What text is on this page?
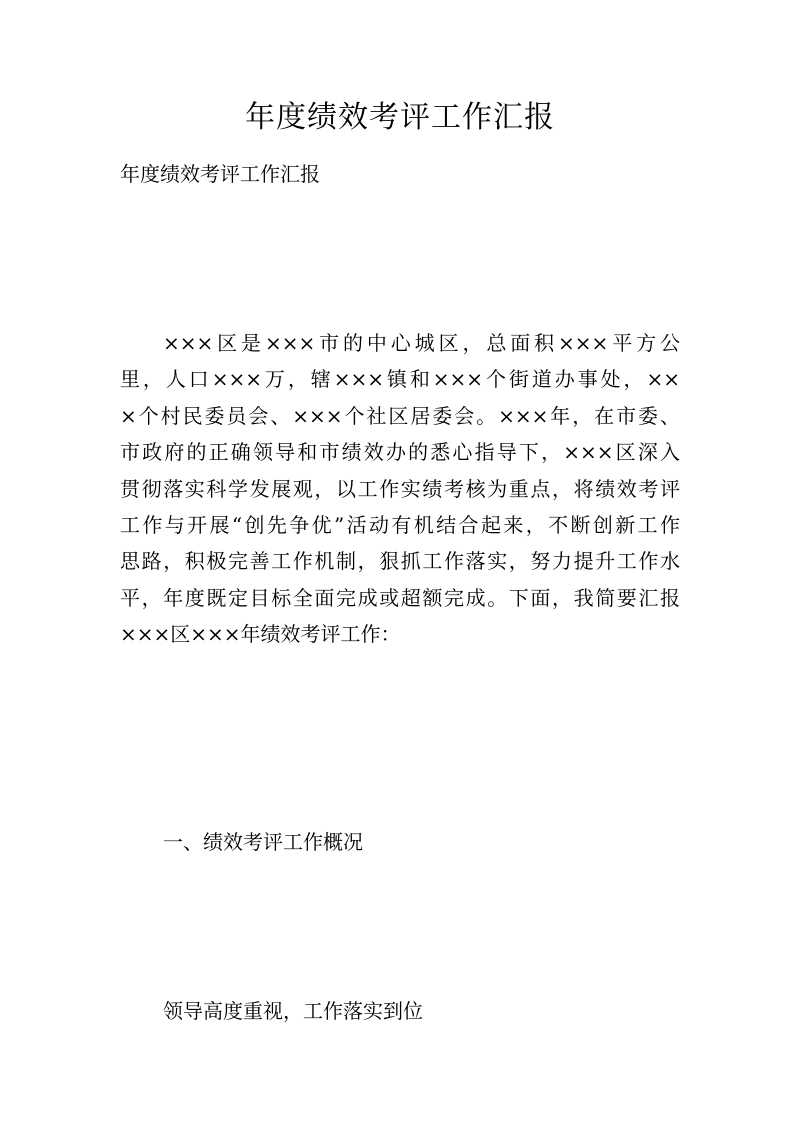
年度绩效考评工作汇报
年度绩效考评工作汇报
×××区是×××市的中心城区，总面积×××平方公
里，人口×××万，辖×××镇和×××个街道办事处，××
×个村民委员会、×××个社区居委会。×××年，在市委、
市政府的正确领导和市绩效办的悉心指导下，×××区深入
贯彻落实科学发展观，以工作实绩考核为重点，将绩效考评
工作与开展“创先争优”活动有机结合起来，不断创新工作
思路，积极完善工作机制，狠抓工作落实，努力提升工作水
平，年度既定目标全面完成或超额完成。下面，我简要汇报
×××区×××年绩效考评工作：
一、绩效考评工作概况
领导高度重视，工作落实到位
